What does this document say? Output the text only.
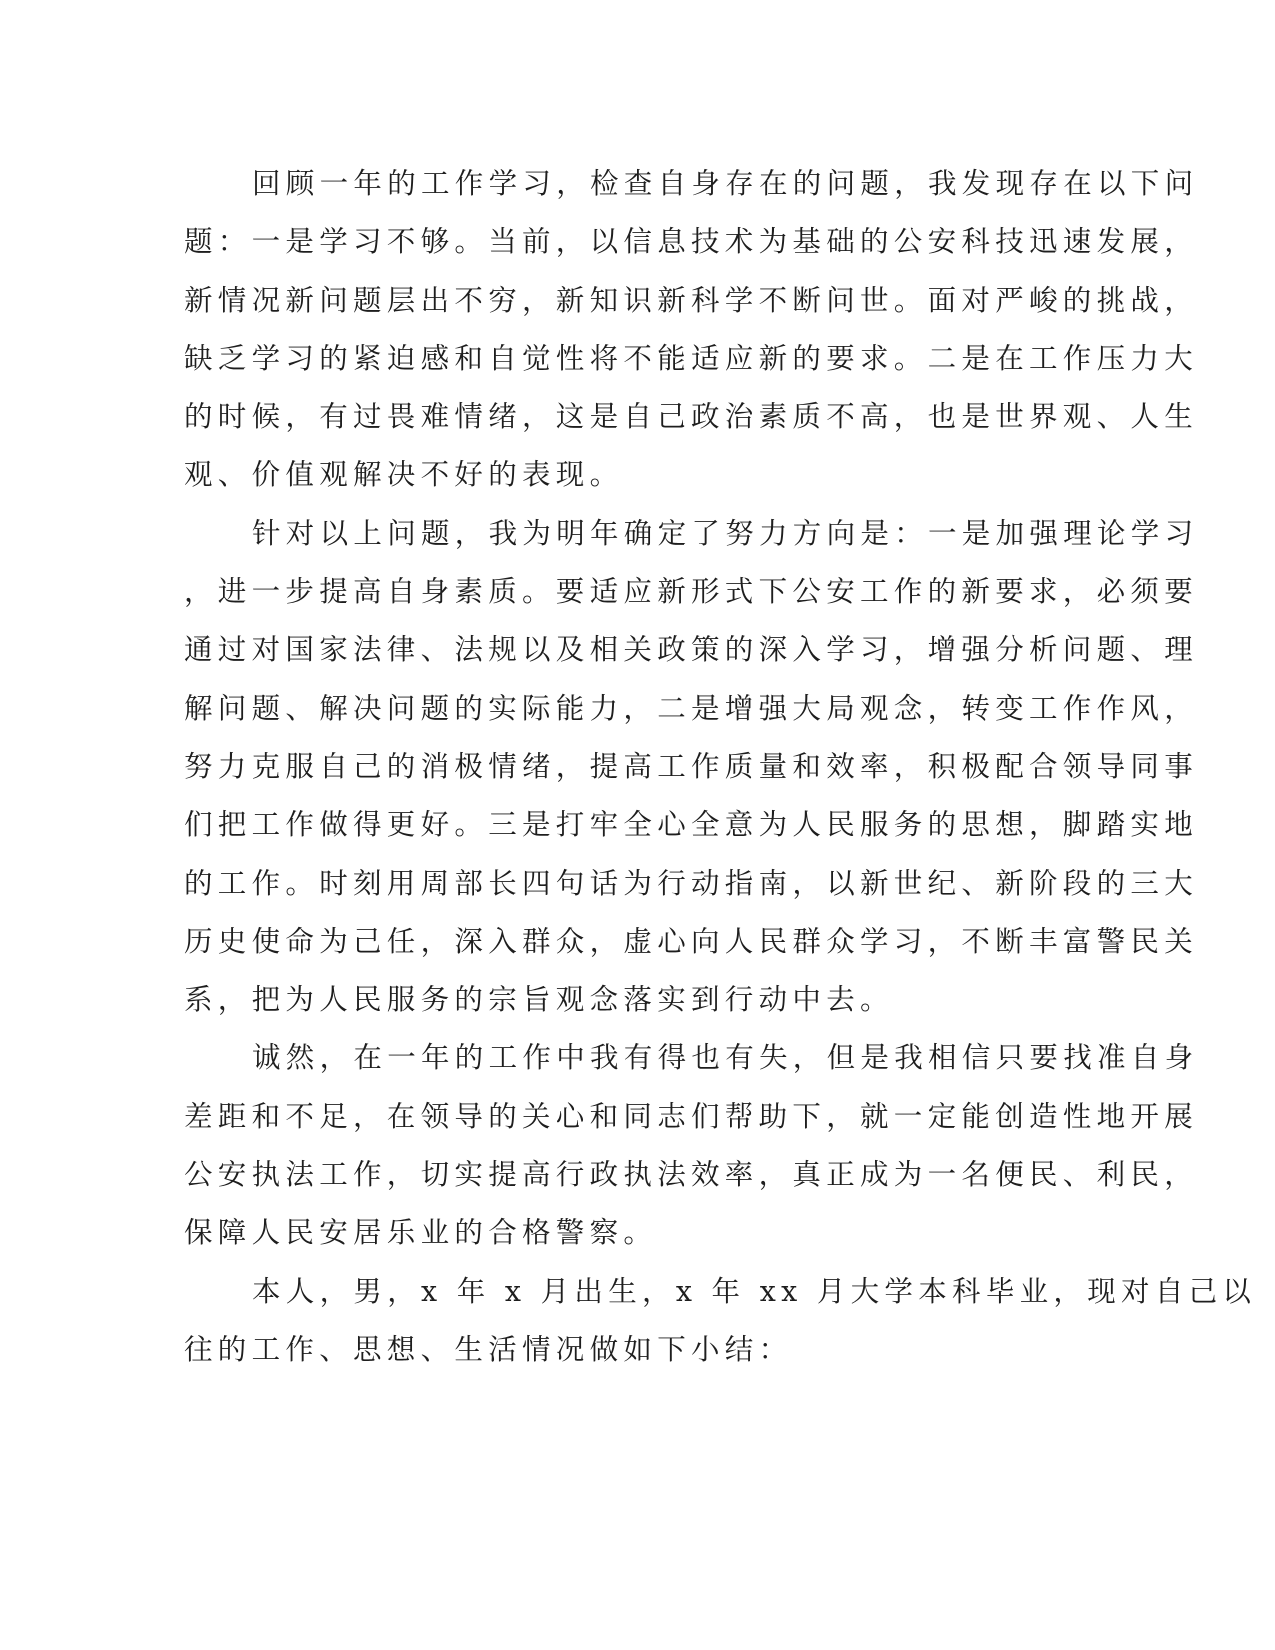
回顾一年的工作学习，检查自身存在的问题，我发现存在以下问
题：一是学习不够。当前，以信息技术为基础的公安科技迅速发展，
新情况新问题层出不穷，新知识新科学不断问世。面对严峻的挑战，
缺乏学习的紧迫感和自觉性将不能适应新的要求。二是在工作压力大
的时候，有过畏难情绪，这是自己政治素质不高，也是世界观、人生
观、价值观解决不好的表现。
针对以上问题，我为明年确定了努力方向是：一是加强理论学习
，进一步提高自身素质。要适应新形式下公安工作的新要求，必须要
通过对国家法律、法规以及相关政策的深入学习，增强分析问题、理
解问题、解决问题的实际能力，二是增强大局观念，转变工作作风，
努力克服自己的消极情绪，提高工作质量和效率，积极配合领导同事
们把工作做得更好。三是打牢全心全意为人民服务的思想，脚踏实地
的工作。时刻用周部长四句话为行动指南，以新世纪、新阶段的三大
历史使命为己任，深入群众，虚心向人民群众学习，不断丰富警民关
系，把为人民服务的宗旨观念落实到行动中去。
诚然，在一年的工作中我有得也有失，但是我相信只要找准自身
差距和不足，在领导的关心和同志们帮助下，就一定能创造性地开展
公安执法工作，切实提高行政执法效率，真正成为一名便民、利民，
保障人民安居乐业的合格警察。
本人，男，x 年 x 月出生，x 年 xx 月大学本科毕业，现对自己以
往的工作、思想、生活情况做如下小结：
